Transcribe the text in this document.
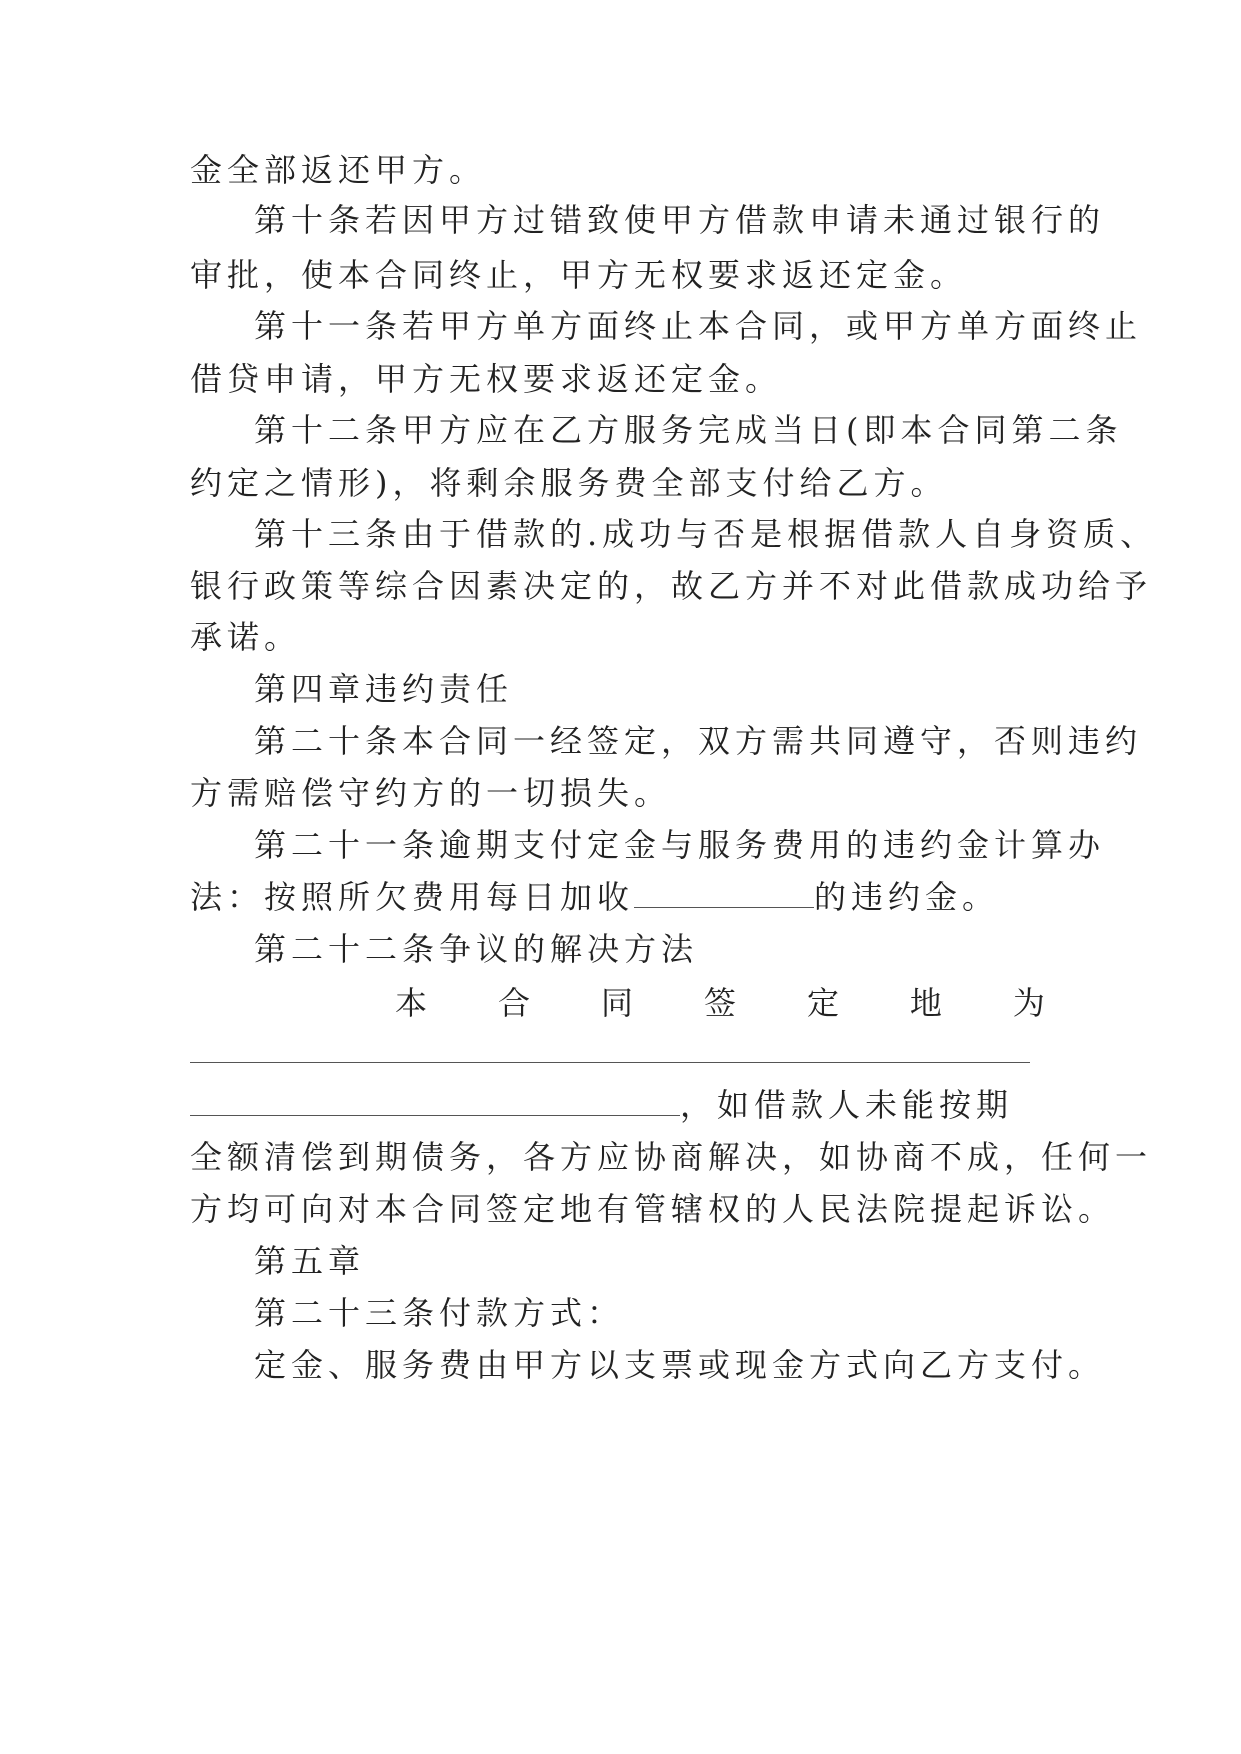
金全部返还甲方。
第十条若因甲方过错致使甲方借款申请未通过银行的
审批，使本合同终止，甲方无权要求返还定金。
第十一条若甲方单方面终止本合同，或甲方单方面终止
借贷申请，甲方无权要求返还定金。
第十二条甲方应在乙方服务完成当日(即本合同第二条
约定之情形)，将剩余服务费全部支付给乙方。
第十三条由于借款的.成功与否是根据借款人自身资质、
银行政策等综合因素决定的，故乙方并不对此借款成功给予
承诺。
第四章违约责任
第二十条本合同一经签定，双方需共同遵守，否则违约
方需赔偿守约方的一切损失。
第二十一条逾期支付定金与服务费用的违约金计算办
法：按照所欠费用每日加收	的违约金。
第二十二条争议的解决方法
本 合 同 签 定 地 为
，如借款人未能按期
全额清偿到期债务，各方应协商解决，如协商不成，任何一
方均可向对本合同签定地有管辖权的人民法院提起诉讼。
第五章
第二十三条付款方式：
定金、服务费由甲方以支票或现金方式向乙方支付。
